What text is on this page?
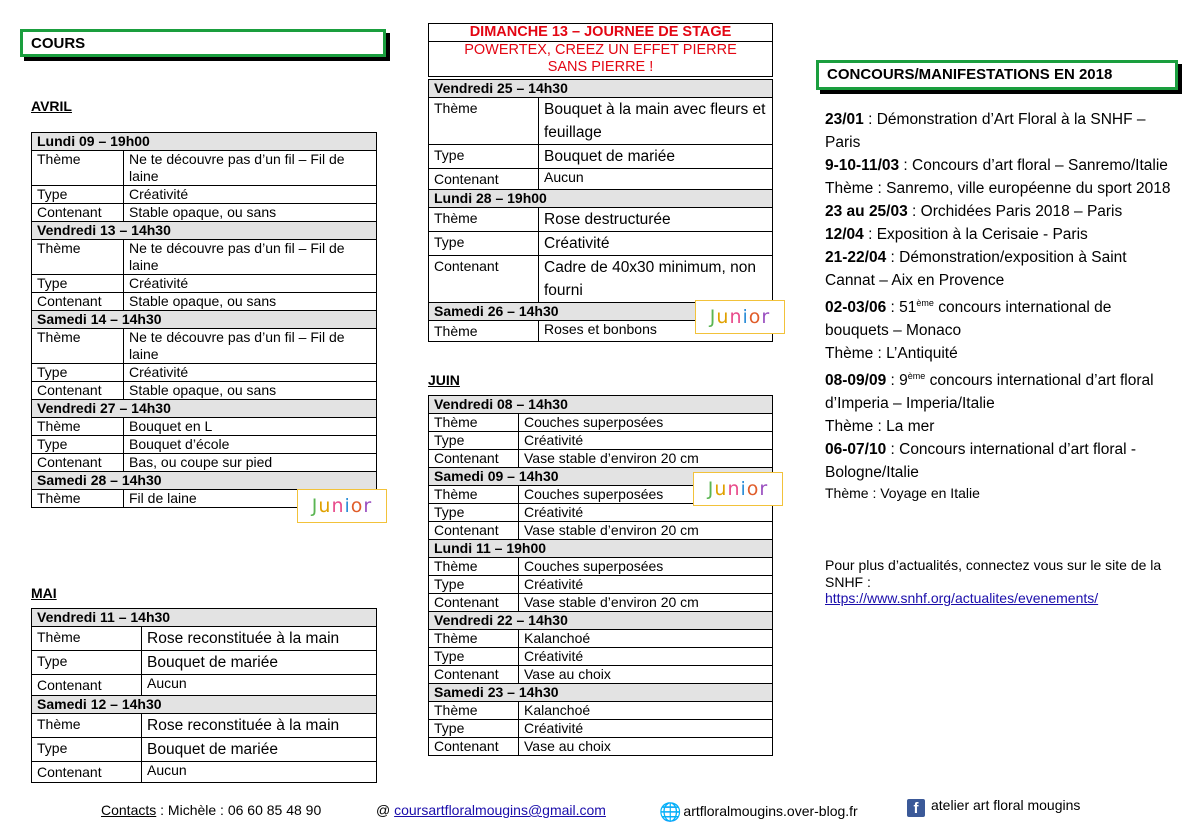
COURS
AVRIL
Lundi 09 – 19h00	
Thème	Ne te découvre pas d’un fil – Fil de laine
Type	Créativité
Contenant	Stable opaque, ou sans
Vendredi 13 – 14h30	
Thème	Ne te découvre pas d’un fil – Fil de laine
Type	Créativité
Contenant	Stable opaque, ou sans
Samedi 14 – 14h30	
Thème	Ne te découvre pas d’un fil – Fil de laine
Type	Créativité
Contenant	Stable opaque, ou sans
Vendredi 27 – 14h30	
Thème	Bouquet en L
Type	Bouquet d’école
Contenant	Bas, ou coupe sur pied
Samedi 28 – 14h30	
Thème	Fil de laine	Junior
MAI
Vendredi 11 – 14h30	
Thème	Rose reconstituée à la main
Type	Bouquet de mariée
Contenant	Aucun
Samedi 12 – 14h30	
Thème	Rose reconstituée à la main
Type	Bouquet de mariée
Contenant	Aucun
DIMANCHE 13 – JOURNEE DE STAGE
POWERTEX, CREEZ UN EFFET PIERRE
SANS PIERRE !
Vendredi 25 – 14h30	
Thème	Bouquet à la main avec fleurs et feuillage
Type	Bouquet de mariée
Contenant	Aucun
Lundi 28 – 19h00	
Thème	Rose destructurée
Type	Créativité
Contenant	Cadre de 40x30 minimum, non fourni
Samedi 26 – 14h30	
Thème	Roses et bonbons
Junior
JUIN
Vendredi 08 – 14h30	
Thème	Couches superposées
Type	Créativité
Contenant	Vase stable d’environ 20 cm
Samedi 09 – 14h30	
Thème	Couches superposées
Type	Créativité
Contenant	Vase stable d’environ 20 cm
Lundi 11 – 19h00	
Thème	Couches superposées
Type	Créativité
Contenant	Vase stable d’environ 20 cm
Vendredi 22 – 14h30	
Thème	Kalanchoé
Type	Créativité
Contenant	Vase au choix
Samedi 23 – 14h30	
Thème	Kalanchoé
Type	Créativité
Contenant	Vase au choix
Junior
CONCOURS/MANIFESTATIONS EN 2018

23/01 : Démonstration d’Art Floral à la SNHF – Paris

9-10-11/03 : Concours d’art floral – Sanremo/Italie

Thème : Sanremo, ville européenne du sport 2018

23 au 25/03 : Orchidées Paris 2018 – Paris

12/04 : Exposition à la Cerisaie - Paris

21-22/04 : Démonstration/exposition à Saint Cannat – Aix en Provence

02-03/06 : 51ème concours international de bouquets – Monaco

Thème : L’Antiquité

08-09/09 : 9ème concours international d’art floral d’Imperia – Imperia/Italie

Thème : La mer

06-07/10 : Concours international d’art floral - Bologne/Italie

Thème : Voyage en Italie

Pour plus d’actualités, connectez vous sur le site de la SNHF :
https://www.snhf.org/actualites/evenements/
Contacts : Michèle : 06 60 85 48 90	@ coursartfloralmougins@gmail.com	🌐 artfloralmougins.over-blog.fr	f atelier art floral mougins
